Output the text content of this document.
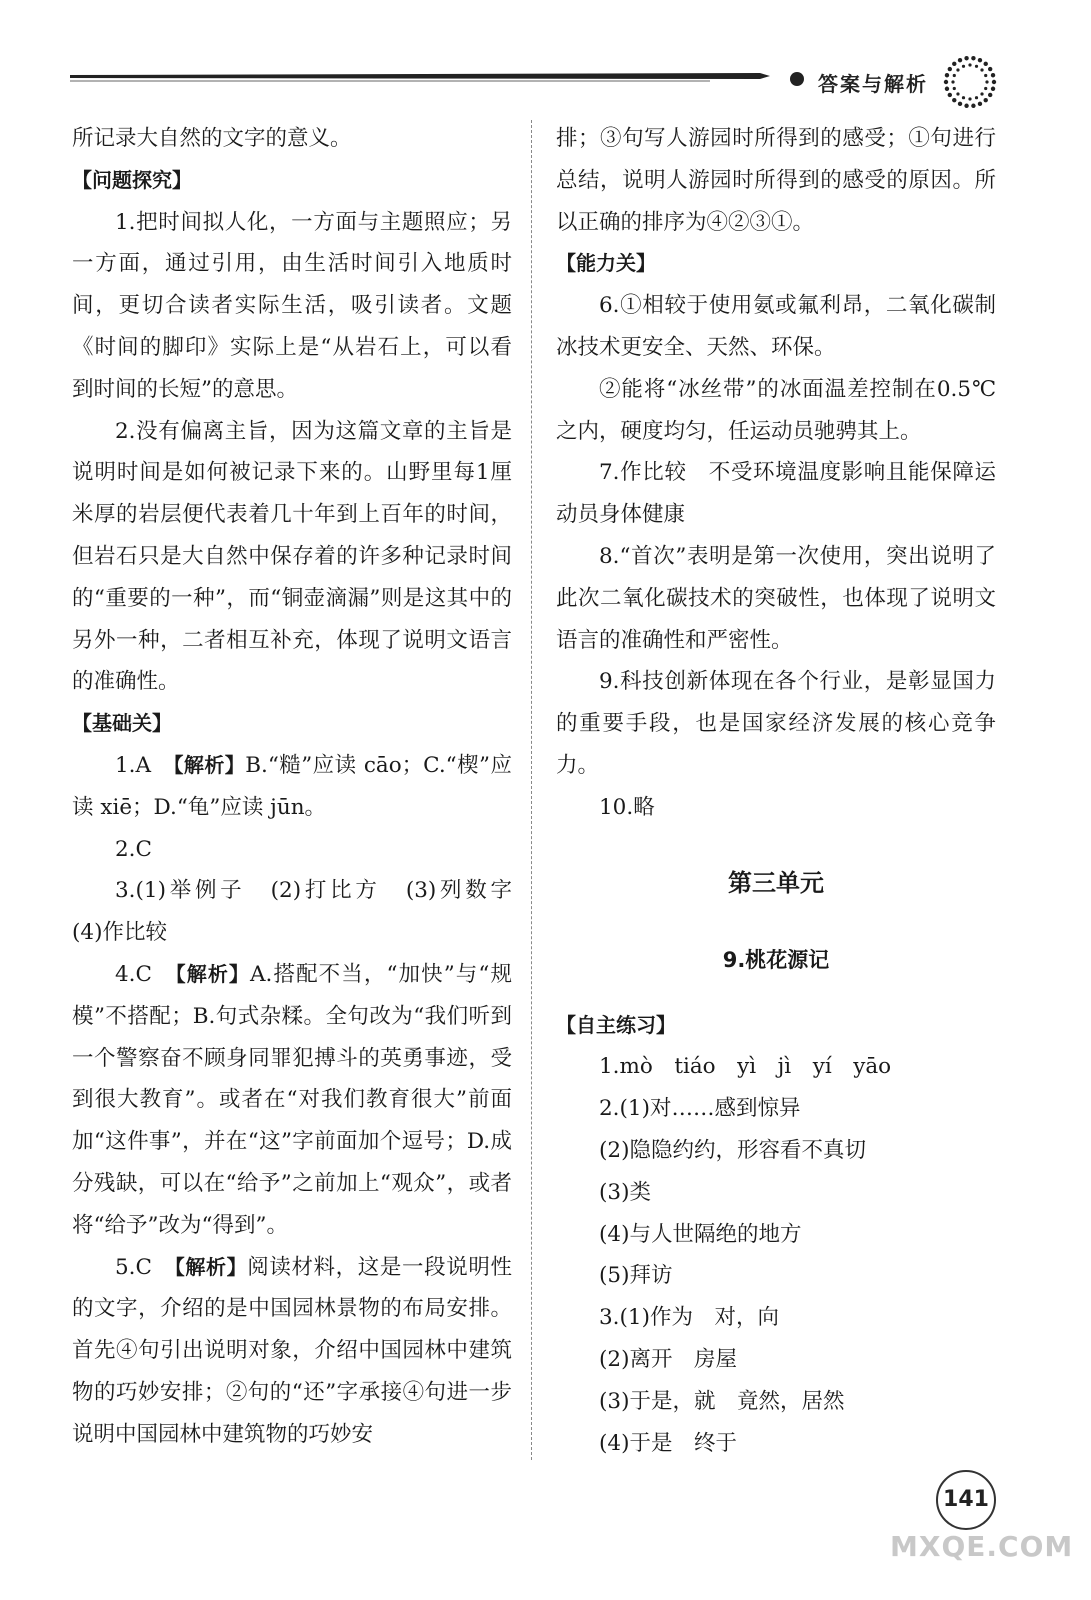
答案与解析

所记录大自然的文字的意义。

【问题探究】

1.把时间拟人化，一方面与主题照应；另一方面，通过引用，由生活时间引入地质时间，更切合读者实际生活，吸引读者。文题《时间的脚印》实际上是“从岩石上，可以看到时间的长短”的意思。

2.没有偏离主旨，因为这篇文章的主旨是说明时间是如何被记录下来的。山野里每1厘米厚的岩层便代表着几十年到上百年的时间，但岩石只是大自然中保存着的许多种记录时间的“重要的一种”，而“铜壶滴漏”则是这其中的另外一种，二者相互补充，体现了说明文语言的准确性。

【基础关】

1.A　 【解析】B.“糙”应读 cāo；C.“楔”应读 xiē；D.“龟”应读 jūn。

2.C

3.(1)举例子　(2)打比方　(3)列数字　(4)作比较

4.C　 【解析】A.搭配不当，“加快”与“规模”不搭配；B.句式杂糅。全句改为“我们听到一个警察奋不顾身同罪犯搏斗的英勇事迹，受到很大教育”。或者在“对我们教育很大”前面加“这件事”，并在“这”字前面加个逗号；D.成分残缺，可以在“给予”之前加上“观众”，或者将“给予”改为“得到”。

5.C　 【解析】阅读材料，这是一段说明性的文字，介绍的是中国园林景物的布局安排。首先④句引出说明对象，介绍中国园林中建筑物的巧妙安排；②句的“还”字承接④句进一步说明中国园林中建筑物的巧妙安

排；③句写人游园时所得到的感受；①句进行总结，说明人游园时所得到的感受的原因。所以正确的排序为④②③①。

【能力关】

6.①相较于使用氨或氟利昂，二氧化碳制冰技术更安全、天然、环保。

②能将“冰丝带”的冰面温差控制在0.5℃之内，硬度均匀，任运动员驰骋其上。

7.作比较　不受环境温度影响且能保障运动员身体健康

8.“首次”表明是第一次使用，突出说明了此次二氧化碳技术的突破性，也体现了说明文语言的准确性和严密性。

9.科技创新体现在各个行业，是彰显国力的重要手段，也是国家经济发展的核心竞争力。

10.略

第三单元

9.桃花源记

【自主练习】

1.mò　tiáo　yì　jì　yí　yāo

2.(1)对……感到惊异

(2)隐隐约约，形容看不真切

(3)类

(4)与人世隔绝的地方

(5)拜访

3.(1)作为　对，向

(2)离开　房屋

(3)于是，就　竟然，居然

(4)于是　终于

141
MXQE.COM
